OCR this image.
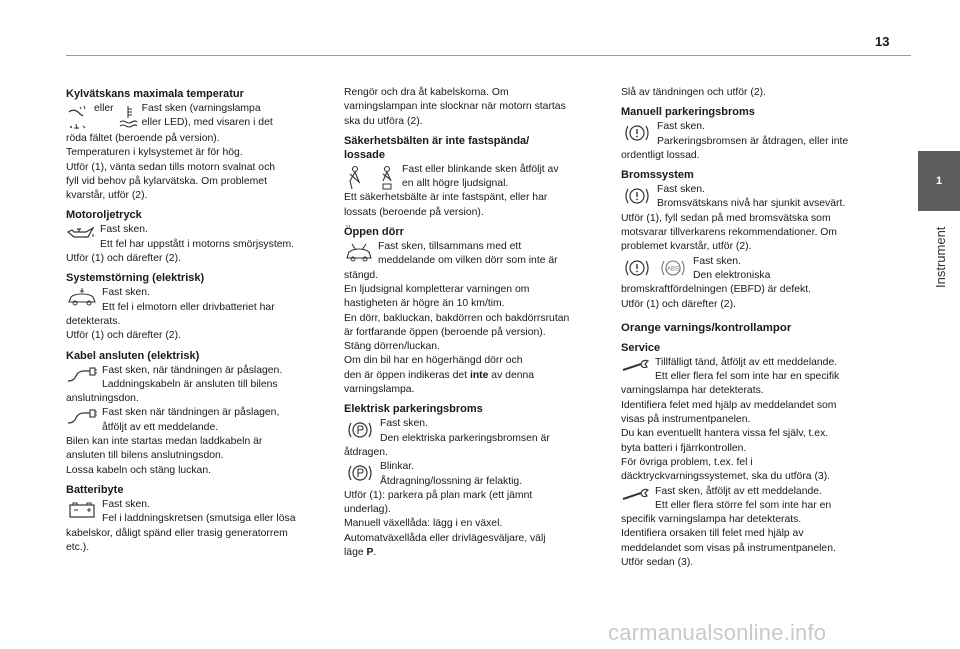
13
1
Instrument
Kylvätskans maximala temperatur
eller	Fast sken (varningslampa

eller LED), med visaren i det

röda fältet (beroende på version).

Temperaturen i kylsystemet är för hög.

Utför (1), vänta sedan tills motorn svalnat och

fyll vid behov på kylarvätska. Om problemet

kvarstår, utför (2).

Motoroljetryck

Fast sken.

Ett fel har uppstått i motorns smörjsystem.

Utför (1) och därefter (2).

Systemstörning (elektrisk)

Fast sken.

Ett fel i elmotorn eller drivbatteriet har

detekterats.

Utför (1) och därefter (2).

Kabel ansluten (elektrisk)

Fast sken, när tändningen är påslagen.

Laddningskabeln är ansluten till bilens

anslutningsdon.

Fast sken när tändningen är påslagen,

åtföljt av ett meddelande.

Bilen kan inte startas medan laddkabeln är

ansluten till bilens anslutningsdon.

Lossa kabeln och stäng luckan.

Batteribyte

Fast sken.

Fel i laddningskretsen (smutsiga eller lösa

kabelskor, dåligt spänd eller trasig generatorrem

etc.).

Rengör och dra åt kabelskorna. Om

varningslampan inte slocknar när motorn startas

ska du utföra (2).

Säkerhetsbälten är inte fastspända/
lossade

Fast eller blinkande sken åtföljt av

en allt högre ljudsignal.

Ett säkerhetsbälte är inte fastspänt, eller har

lossats (beroende på version).

Öppen dörr

Fast sken, tillsammans med ett

meddelande om vilken dörr som inte är

stängd.

En ljudsignal kompletterar varningen om

hastigheten är högre än 10 km/tim.

En dörr, bakluckan, bakdörren och bakdörrsrutan

är fortfarande öppen (beroende på version).

Stäng dörren/luckan.

Om din bil har en högerhängd dörr och

den är öppen indikeras det inte av denna

varningslampa.

Elektrisk parkeringsbroms

Fast sken.

Den elektriska parkeringsbromsen är

åtdragen.

Blinkar.

Åtdragning/lossning är felaktig.

Utför (1): parkera på plan mark (ett jämnt

underlag).

Manuell växellåda: lägg i en växel.

Automatväxellåda eller drivlägesväljare, välj

läge P.

Slå av tändningen och utför (2).

Manuell parkeringsbroms

Fast sken.

Parkeringsbromsen är åtdragen, eller inte

ordentligt lossad.

Bromssystem

Fast sken.

Bromsvätskans nivå har sjunkit avsevärt.

Utför (1), fyll sedan på med bromsvätska som

motsvarar tillverkarens rekommendationer. Om

problemet kvarstår, utför (2).

(ABS)

Fast sken.

Den elektroniska

bromskraftfördelningen (EBFD) är defekt.

Utför (1) och därefter (2).

Orange varnings/kontrollampor
Service

Tillfälligt tänd, åtföljt av ett meddelande.

Ett eller flera fel som inte har en specifik

varningslampa har detekterats.

Identifiera felet med hjälp av meddelandet som

visas på instrumentpanelen.

Du kan eventuellt hantera vissa fel själv, t.ex.

byta batteri i fjärrkontrollen.

För övriga problem, t.ex. fel i

däcktryckvarningssystemet, ska du utföra (3).

Fast sken, åtföljt av ett meddelande.

Ett eller flera större fel som inte har en

specifik varningslampa har detekterats.

Identifiera orsaken till felet med hjälp av

meddelandet som visas på instrumentpanelen.

Utför sedan (3).

carmanualsonline.info
